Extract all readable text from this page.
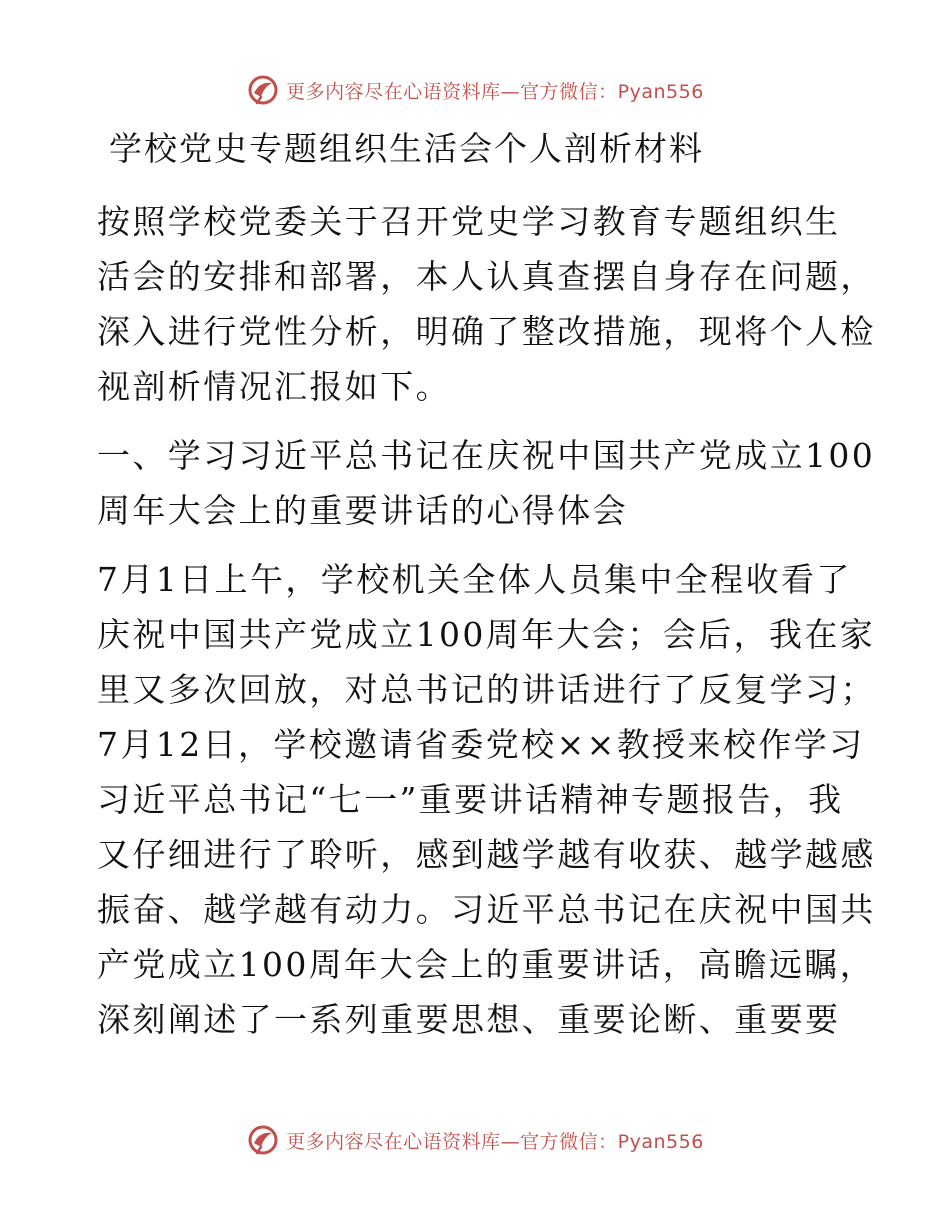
更多内容尽在心语资料库—官方微信：Pyan556
学校党史专题组织生活会个人剖析材料

按照学校党委关于召开党史学习教育专题组织生
活会的安排和部署，本人认真查摆自身存在问题，
深入进行党性分析，明确了整改措施，现将个人检
视剖析情况汇报如下。

一、学习习近平总书记在庆祝中国共产党成立100
周年大会上的重要讲话的心得体会

7月1日上午，学校机关全体人员集中全程收看了
庆祝中国共产党成立100周年大会；会后，我在家
里又多次回放，对总书记的讲话进行了反复学习；
7月12日，学校邀请省委党校××教授来校作学习
习近平总书记“七一”重要讲话精神专题报告，我
又仔细进行了聆听，感到越学越有收获、越学越感
振奋、越学越有动力。习近平总书记在庆祝中国共
产党成立100周年大会上的重要讲话，高瞻远瞩，
深刻阐述了一系列重要思想、重要论断、重要要

更多内容尽在心语资料库—官方微信：Pyan556
